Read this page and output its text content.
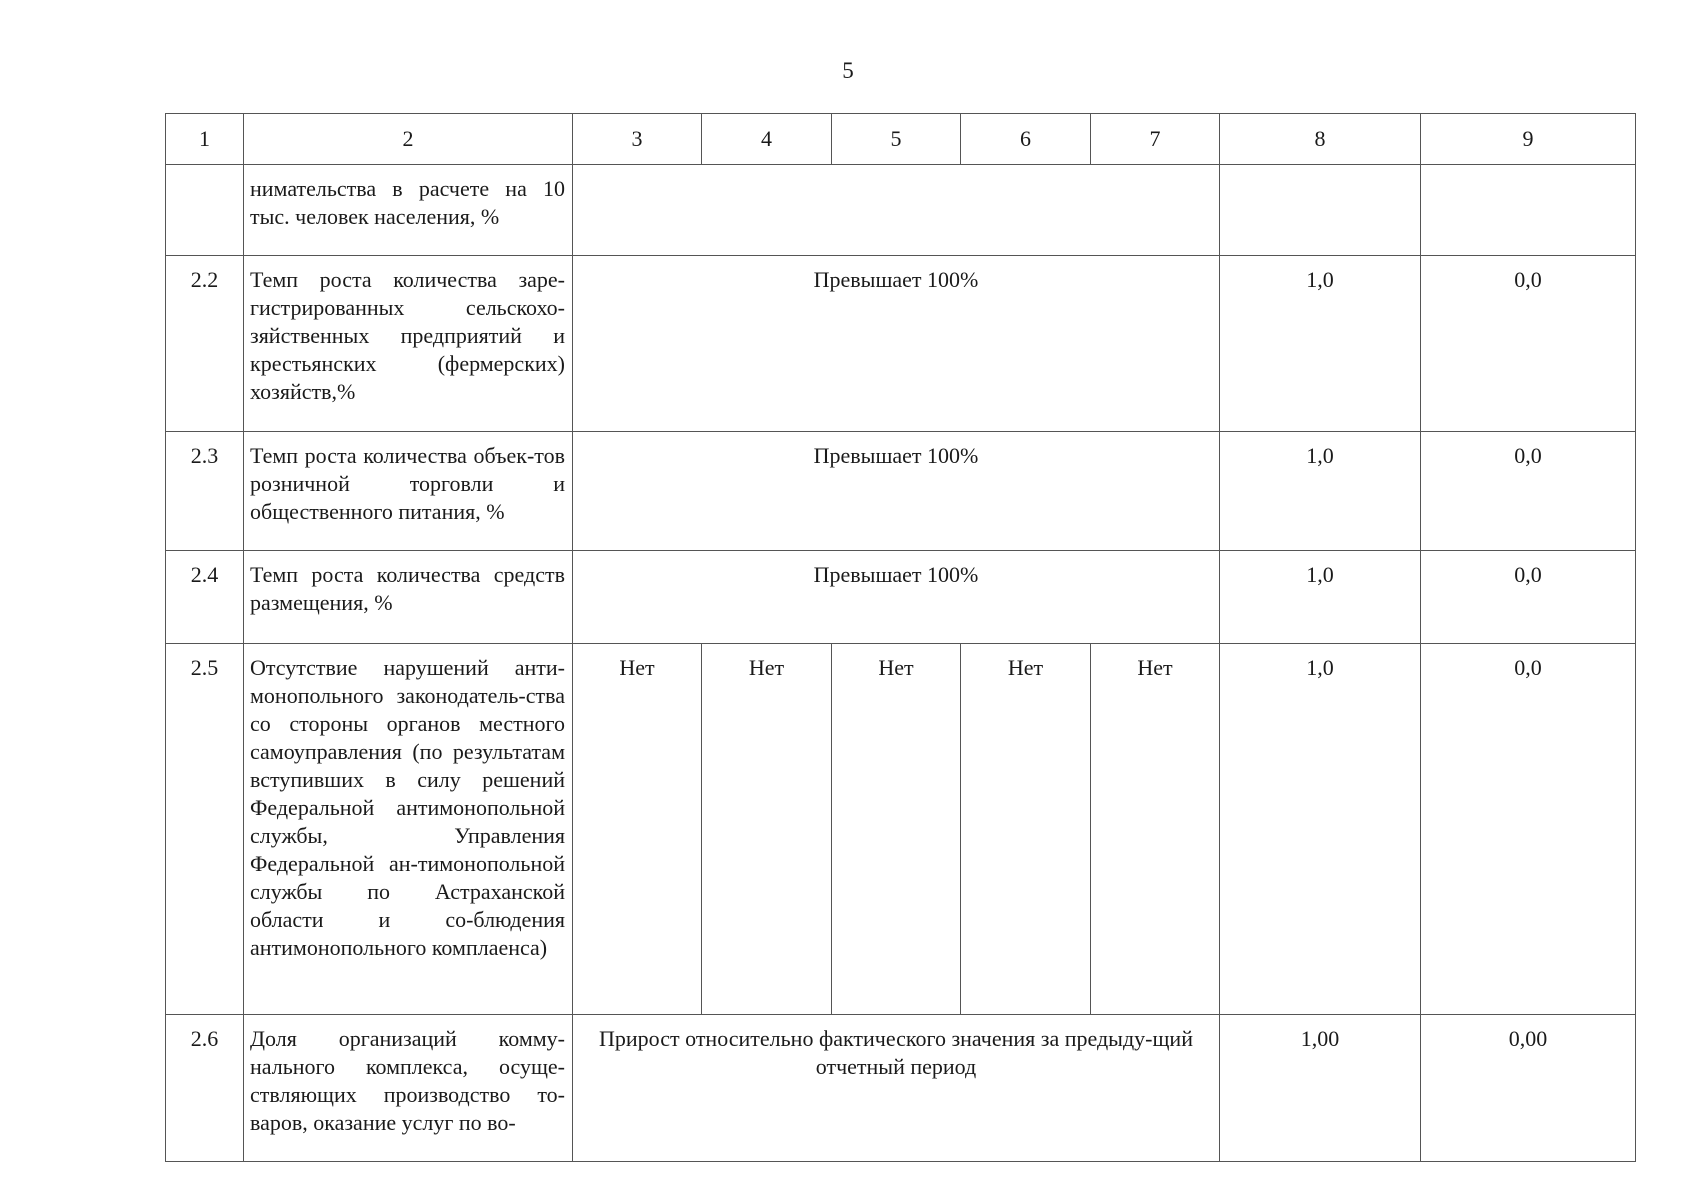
5
1	2	3	4	5	6	7	8	9
	нимательства в расчете на 10 тыс. человек населения, %							
2.2	Темп роста количества заре-гистрированных сельскохо-зяйственных предприятий и крестьянских (фермерских) хозяйств,%	Превышает 100%					1,0	0,0
2.3	Темп роста количества объек-тов розничной торговли и общественного питания, %	Превышает 100%					1,0	0,0
2.4	Темп роста количества средств размещения, %	Превышает 100%					1,0	0,0
2.5	Отсутствие нарушений анти-монопольного законодатель-ства со стороны органов местного самоуправления (по результатам вступивших в силу решений Федеральной антимонопольной службы, Управления Федеральной ан-тимонопольной службы по Астраханской области и со-блюдения антимонопольного комплаенса)	Нет	Нет	Нет	Нет	Нет	1,0	0,0
2.6	Доля организаций комму-нального комплекса, осуще-ствляющих производство то-варов, оказание услуг по во-	Прирост относительно фактического значения за предыду-щий отчетный период					1,00	0,00
